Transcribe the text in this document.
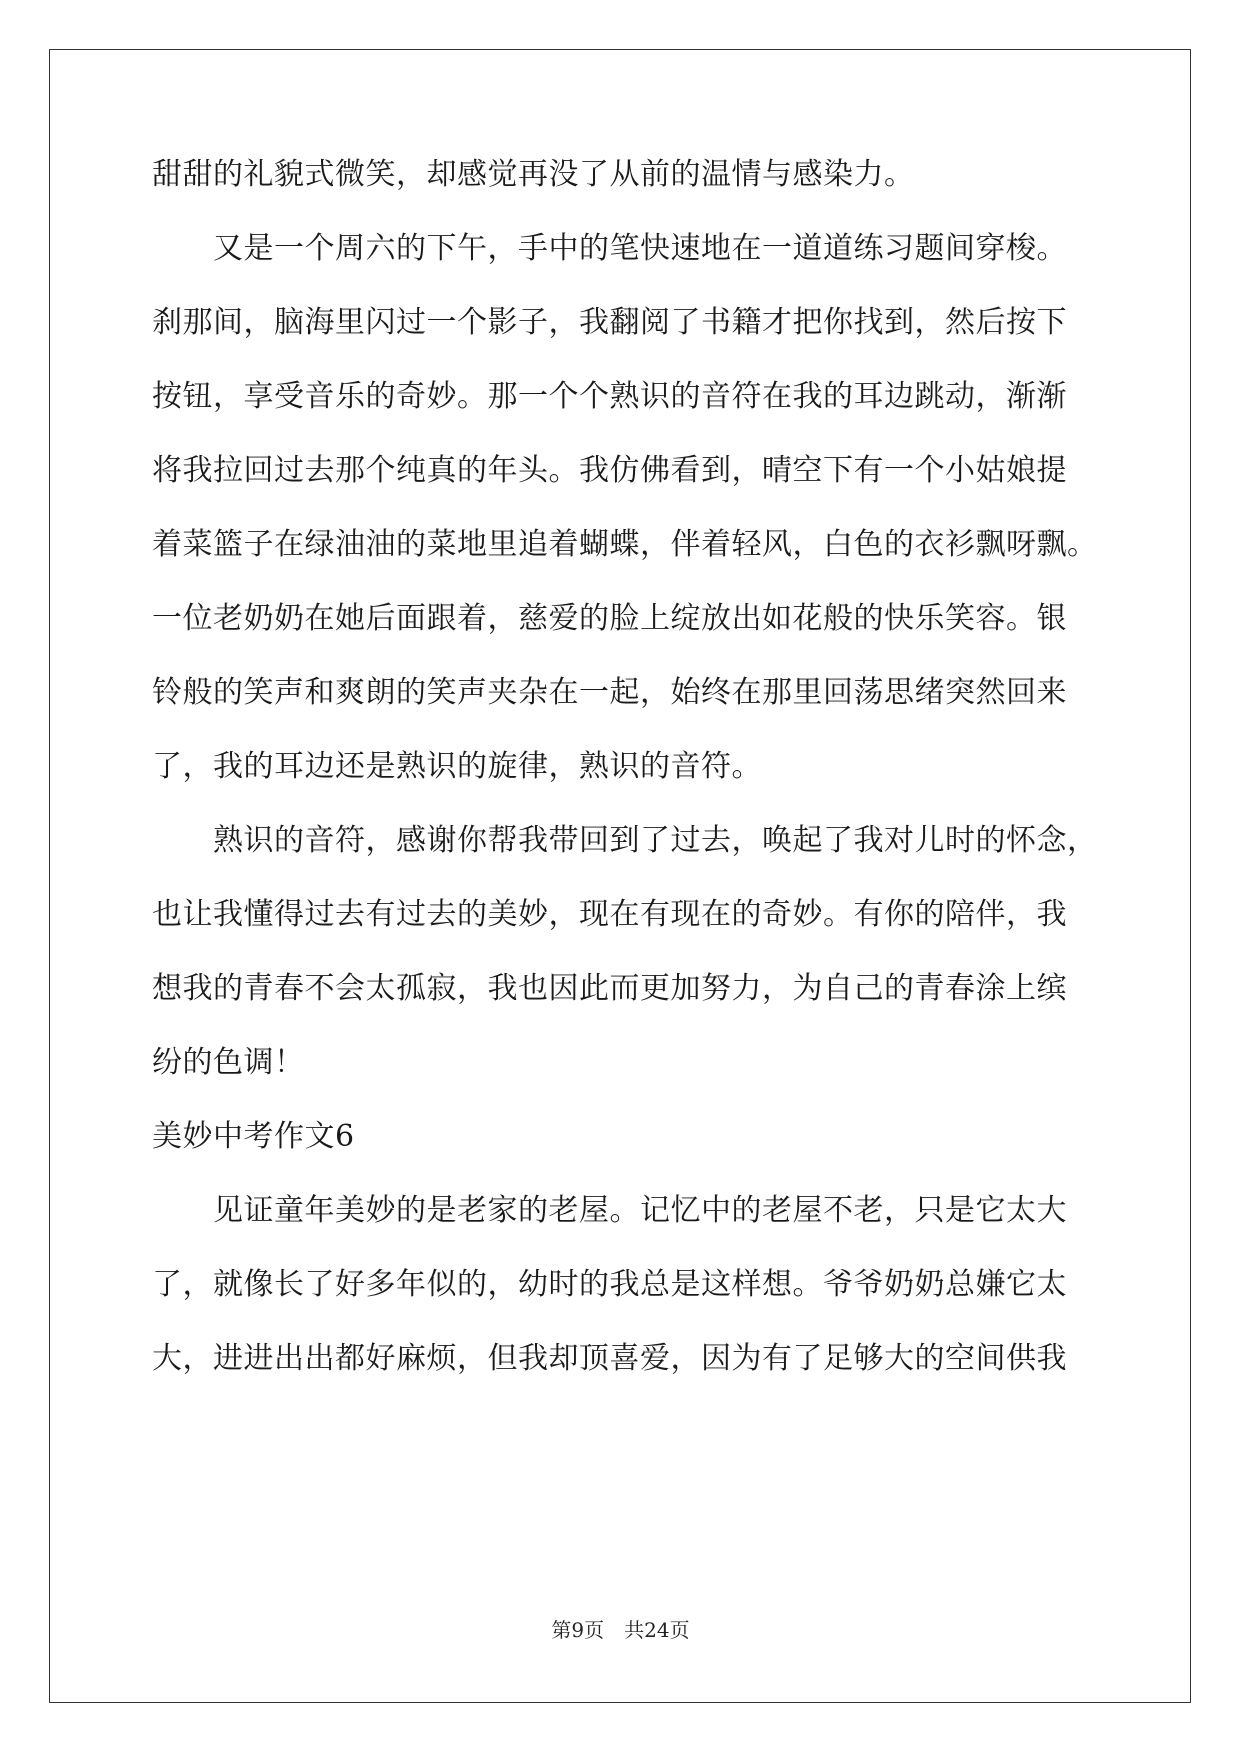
甜甜的礼貌式微笑，却感觉再没了从前的温情与感染力。
　　又是一个周六的下午，手中的笔快速地在一道道练习题间穿梭。
刹那间，脑海里闪过一个影子，我翻阅了书籍才把你找到，然后按下
按钮，享受音乐的奇妙。那一个个熟识的音符在我的耳边跳动，渐渐
将我拉回过去那个纯真的年头。我仿佛看到，晴空下有一个小姑娘提
着菜篮子在绿油油的菜地里追着蝴蝶，伴着轻风，白色的衣衫飘呀飘。
一位老奶奶在她后面跟着，慈爱的脸上绽放出如花般的快乐笑容。银
铃般的笑声和爽朗的笑声夹杂在一起，始终在那里回荡思绪突然回来
了，我的耳边还是熟识的旋律，熟识的音符。
　　熟识的音符，感谢你帮我带回到了过去，唤起了我对儿时的怀念，
也让我懂得过去有过去的美妙，现在有现在的奇妙。有你的陪伴，我
想我的青春不会太孤寂，我也因此而更加努力，为自己的青春涂上缤
纷的色调！
美妙中考作文6
　　见证童年美妙的是老家的老屋。记忆中的老屋不老，只是它太大
了，就像长了好多年似的，幼时的我总是这样想。爷爷奶奶总嫌它太
大，进进出出都好麻烦，但我却顶喜爱，因为有了足够大的空间供我
第9页　共24页
